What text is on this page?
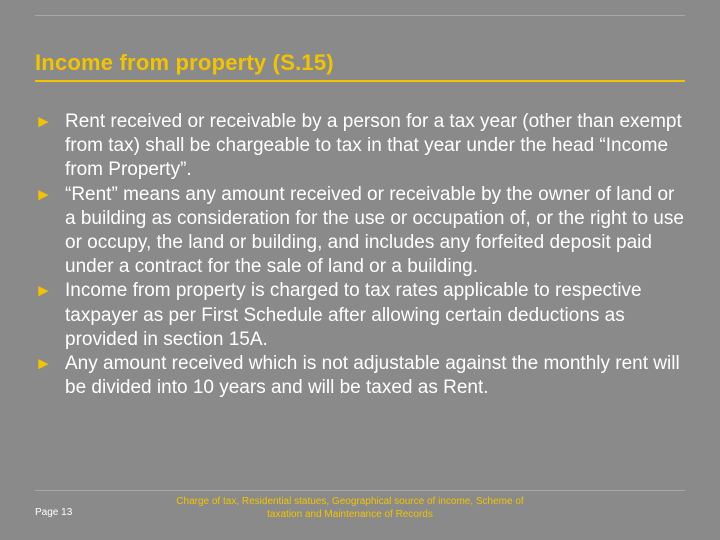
Income from property (S.15)
► Rent received or receivable by a person for a tax year (other than exempt from tax) shall be chargeable to tax in that year under the head “Income from Property”.
► “Rent” means any amount received or receivable by the owner of land or a building as consideration for the use or occupation of, or the right to use or occupy, the land or building, and includes any forfeited deposit paid under a contract for the sale of land or a building.
► Income from property is charged to tax rates applicable to respective taxpayer as per First Schedule after allowing certain deductions as provided in section 15A.
► Any amount received which is not adjustable against the monthly rent will be divided into 10 years and will be taxed as Rent.
Page 13
Charge of tax, Residential statues, Geographical source of income, Scheme of taxation and Maintenance of Records
